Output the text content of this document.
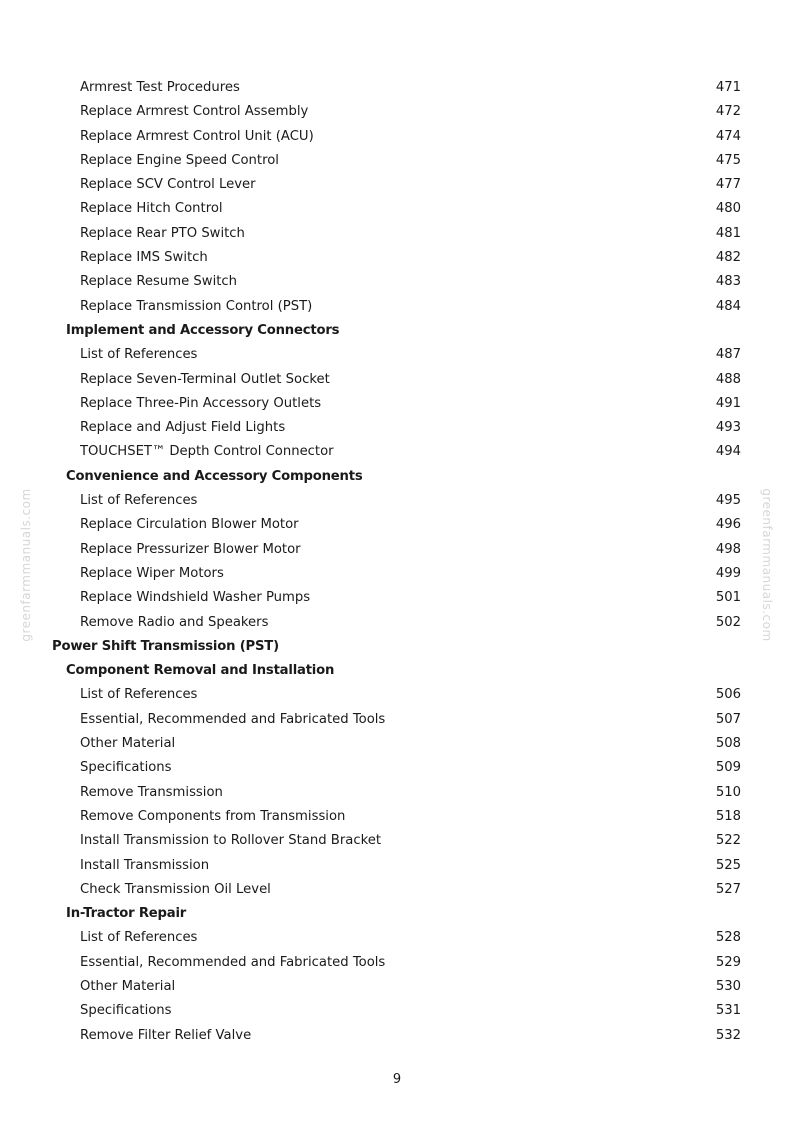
greenfarmmanuals.com	greenfarmmanuals.com
Armrest Test Procedures	471
Replace Armrest Control Assembly	472
Replace Armrest Control Unit (ACU)	474
Replace Engine Speed Control	475
Replace SCV Control Lever	477
Replace Hitch Control	480
Replace Rear PTO Switch	481
Replace IMS Switch	482
Replace Resume Switch	483
Replace Transmission Control (PST)	484
Implement and Accessory Connectors
List of References	487
Replace Seven-Terminal Outlet Socket	488
Replace Three-Pin Accessory Outlets	491
Replace and Adjust Field Lights	493
TOUCHSET™ Depth Control Connector	494
Convenience and Accessory Components
List of References	495
Replace Circulation Blower Motor	496
Replace Pressurizer Blower Motor	498
Replace Wiper Motors	499
Replace Windshield Washer Pumps	501
Remove Radio and Speakers	502
Power Shift Transmission (PST)
Component Removal and Installation
List of References	506
Essential, Recommended and Fabricated Tools	507
Other Material	508
Specifications	509
Remove Transmission	510
Remove Components from Transmission	518
Install Transmission to Rollover Stand Bracket	522
Install Transmission	525
Check Transmission Oil Level	527
In-Tractor Repair
List of References	528
Essential, Recommended and Fabricated Tools	529
Other Material	530
Specifications	531
Remove Filter Relief Valve	532
9
